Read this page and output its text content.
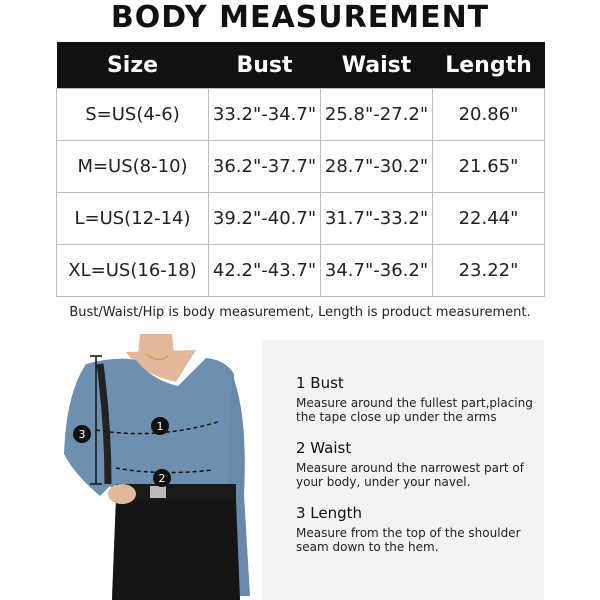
BODY MEASUREMENT
Size	Bust	Waist	Length
S=US(4-6)	33.2"-34.7"	25.8"-27.2"	20.86"
M=US(8-10)	36.2"-37.7"	28.7"-30.2"	21.65"
L=US(12-14)	39.2"-40.7"	31.7"-33.2"	22.44"
XL=US(16-18)	42.2"-43.7"	34.7"-36.2"	23.22"
Bust/Waist/Hip is body measurement, Length is product measurement.
1
2
3
1 Bust
Measure around the fullest part,placing the tape close up under the arms
2 Waist
Measure around the narrowest part of your body, under your navel.
3 Length
Measure from the top of the shoulder seam down to the hem.
